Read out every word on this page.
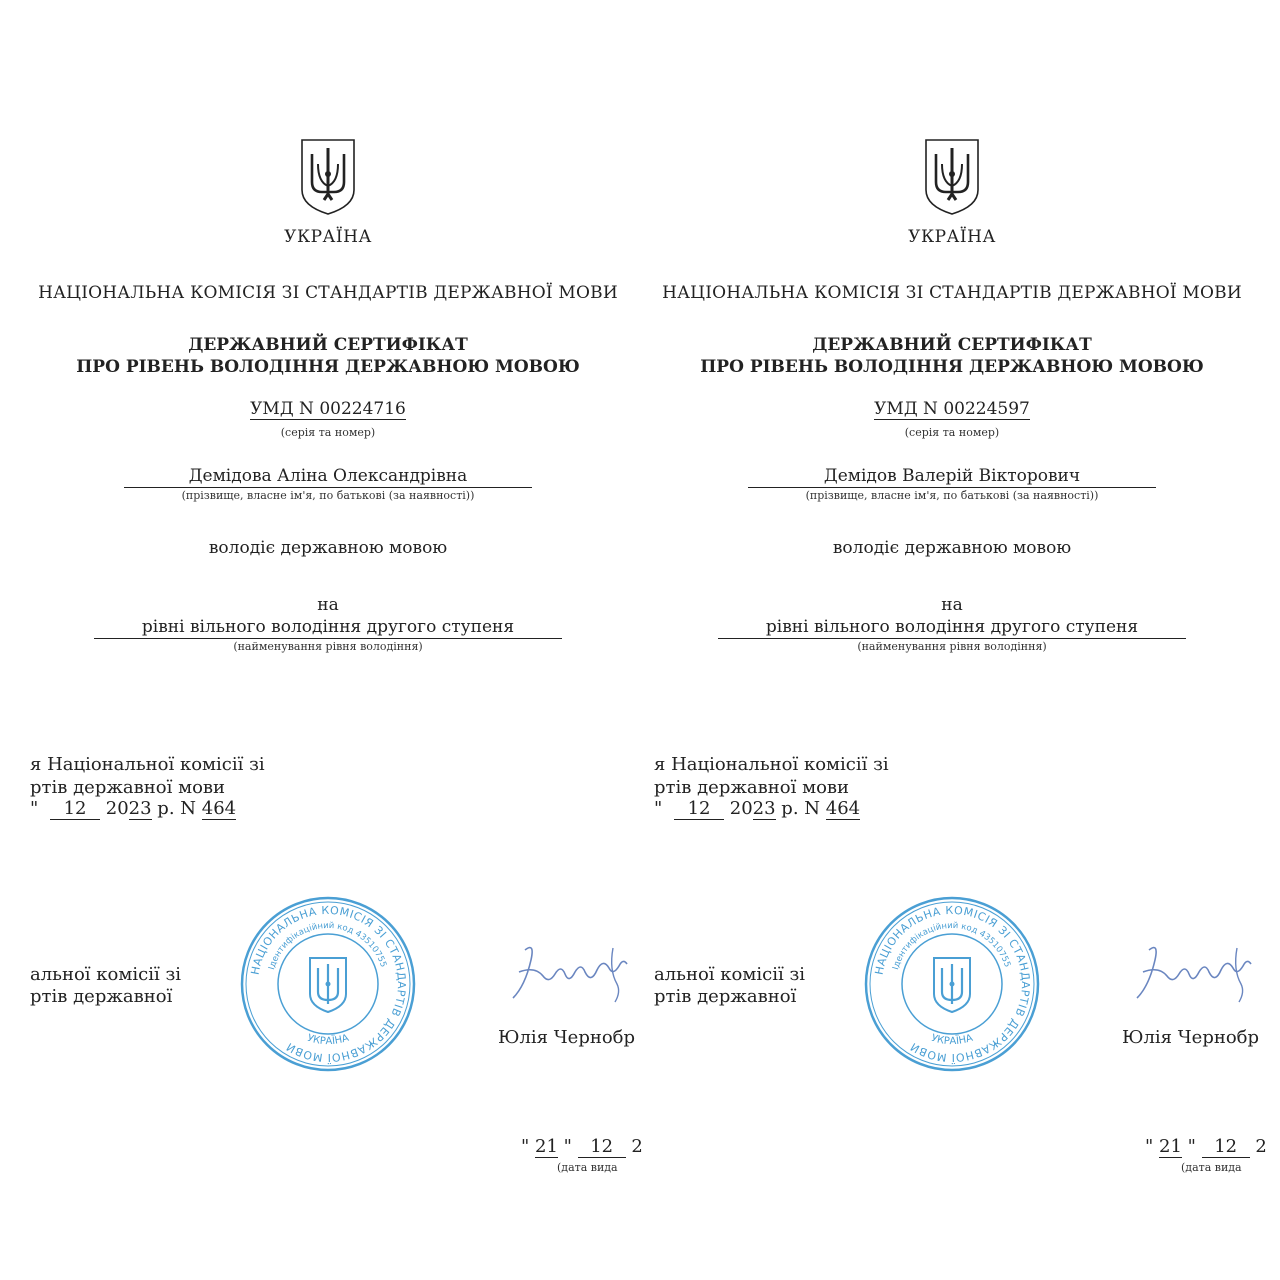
УКРАЇНА
НАЦІОНАЛЬНА КОМІСІЯ ЗІ СТАНДАРТІВ ДЕРЖАВНОЇ МОВИ
ДЕРЖАВНИЙ СЕРТИФІКАТ
ПРО РІВЕНЬ ВОЛОДІННЯ ДЕРЖАВНОЮ МОВОЮ
УМД N 00224716
(серія та номер)
Демідова Аліна Олександрівна
(прізвище, власне ім'я, по батькові (за наявності))
володіє державною мовою
на
рівні вільного володіння другого ступеня
(найменування рівня володіння)
я Національної комісії зі
ртів державної мови
" 12 2023 р. N 464
НАЦІОНАЛЬНА КОМІСІЯ ЗІ СТАНДАРТІВ ДЕРЖАВНОЇ МОВИ
Ідентифікаційний код 43510755
УКРАЇНА
альної комісії зі
ртів державної
Юлія Чернобр
" 21 " 12 2
(дата вида
УКРАЇНА
НАЦІОНАЛЬНА КОМІСІЯ ЗІ СТАНДАРТІВ ДЕРЖАВНОЇ МОВИ
ДЕРЖАВНИЙ СЕРТИФІКАТ
ПРО РІВЕНЬ ВОЛОДІННЯ ДЕРЖАВНОЮ МОВОЮ
УМД N 00224597
(серія та номер)
Демідов Валерій Вікторович
(прізвище, власне ім'я, по батькові (за наявності))
володіє державною мовою
на
рівні вільного володіння другого ступеня
(найменування рівня володіння)
я Національної комісії зі
ртів державної мови
" 12 2023 р. N 464
НАЦІОНАЛЬНА КОМІСІЯ ЗІ СТАНДАРТІВ ДЕРЖАВНОЇ МОВИ
Ідентифікаційний код 43510755
УКРАЇНА
альної комісії зі
ртів державної
Юлія Чернобр
" 21 " 12 2
(дата вида
